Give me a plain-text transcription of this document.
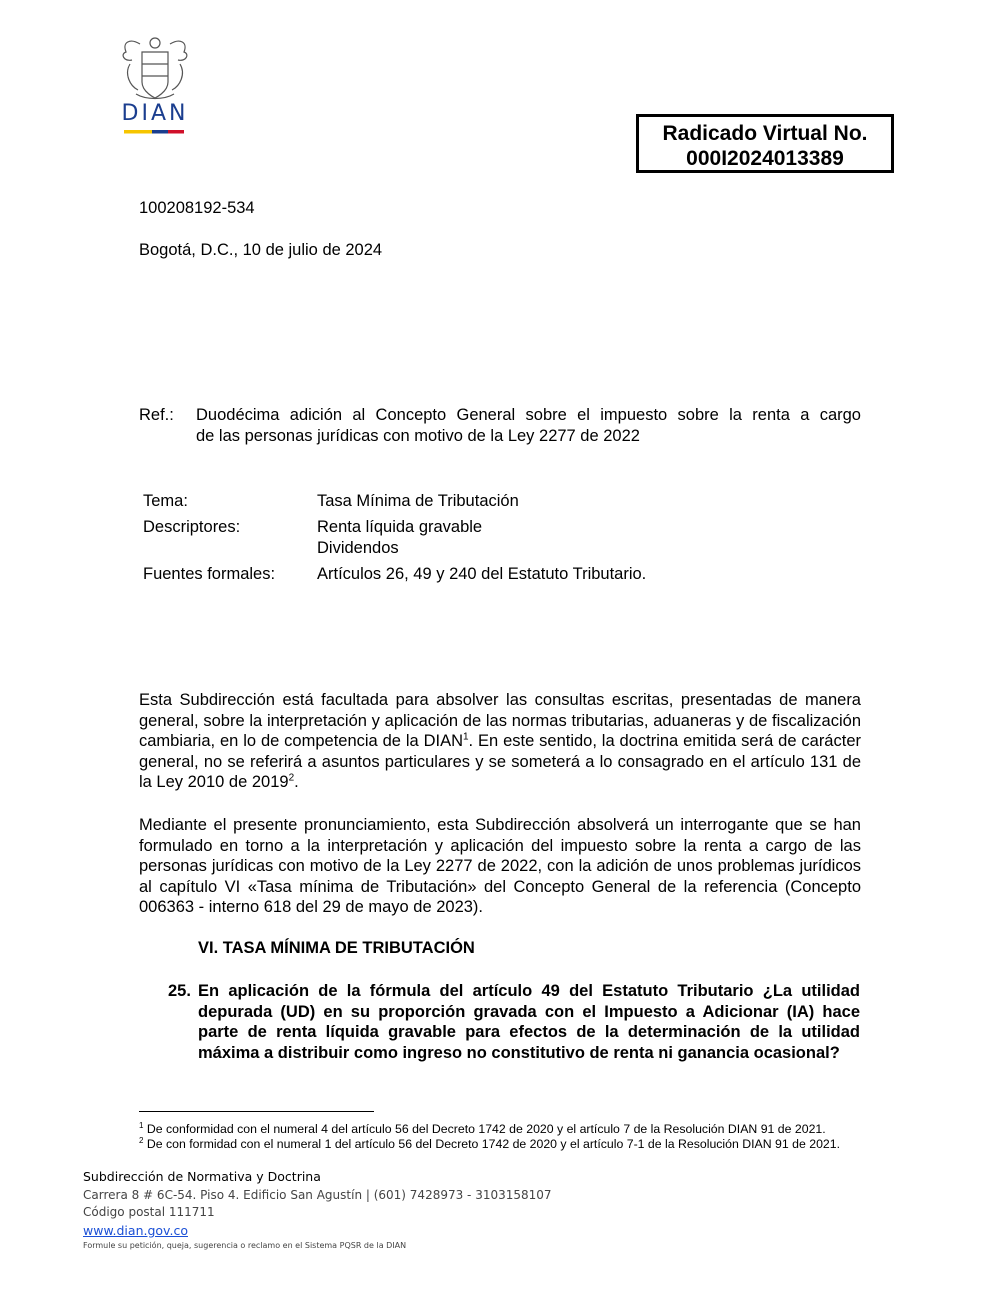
DIAN
Radicado Virtual No.
000I2024013389
100208192-534
Bogotá, D.C., 10 de julio de 2024
Ref.: Duodécima adición al Concepto General sobre el impuesto sobre la renta a cargo
de las personas jurídicas con motivo de la Ley 2277 de 2022
Tema:	Tasa Mínima de Tributación
Descriptores:	Renta líquida gravable
Dividendos
Fuentes formales:	Artículos 26, 49 y 240 del Estatuto Tributario.
Esta Subdirección está facultada para absolver las consultas escritas, presentadas de manera general, sobre la interpretación y aplicación de las normas tributarias, aduaneras y de fiscalización cambiaria, en lo de competencia de la DIAN$^1$. En este sentido, la doctrina emitida será de carácter general, no se referirá a asuntos particulares y se someterá a lo consagrado en el artículo 131 de la Ley 2010 de 2019$^2$.
Mediante el presente pronunciamiento, esta Subdirección absolverá un interrogante que se han formulado en torno a la interpretación y aplicación del impuesto sobre la renta a cargo de las personas jurídicas con motivo de la Ley 2277 de 2022, con la adición de unos problemas jurídicos al capítulo VI «Tasa mínima de Tributación» del Concepto General de la referencia (Concepto 006363 - interno 618 del 29 de mayo de 2023).
VI. TASA MÍNIMA DE TRIBUTACIÓN
25. En aplicación de la fórmula del artículo 49 del Estatuto Tributario ¿La utilidad depurada (UD) en su proporción gravada con el Impuesto a Adicionar (IA) hace parte de renta líquida gravable para efectos de la determinación de la utilidad máxima a distribuir como ingreso no constitutivo de renta ni ganancia ocasional?
$^1$ De conformidad con el numeral 4 del artículo 56 del Decreto 1742 de 2020 y el artículo 7 de la Resolución DIAN 91 de 2021.
$^2$ De con formidad con el numeral 1 del artículo 56 del Decreto 1742 de 2020 y el artículo 7-1 de la Resolución DIAN 91 de 2021.
Subdirección de Normativa y Doctrina
Carrera 8 # 6C-54. Piso 4. Edificio San Agustín | (601) 7428973 - 3103158107
Código postal 111711
www.dian.gov.co
Formule su petición, queja, sugerencia o reclamo en el Sistema PQSR de la DIAN
